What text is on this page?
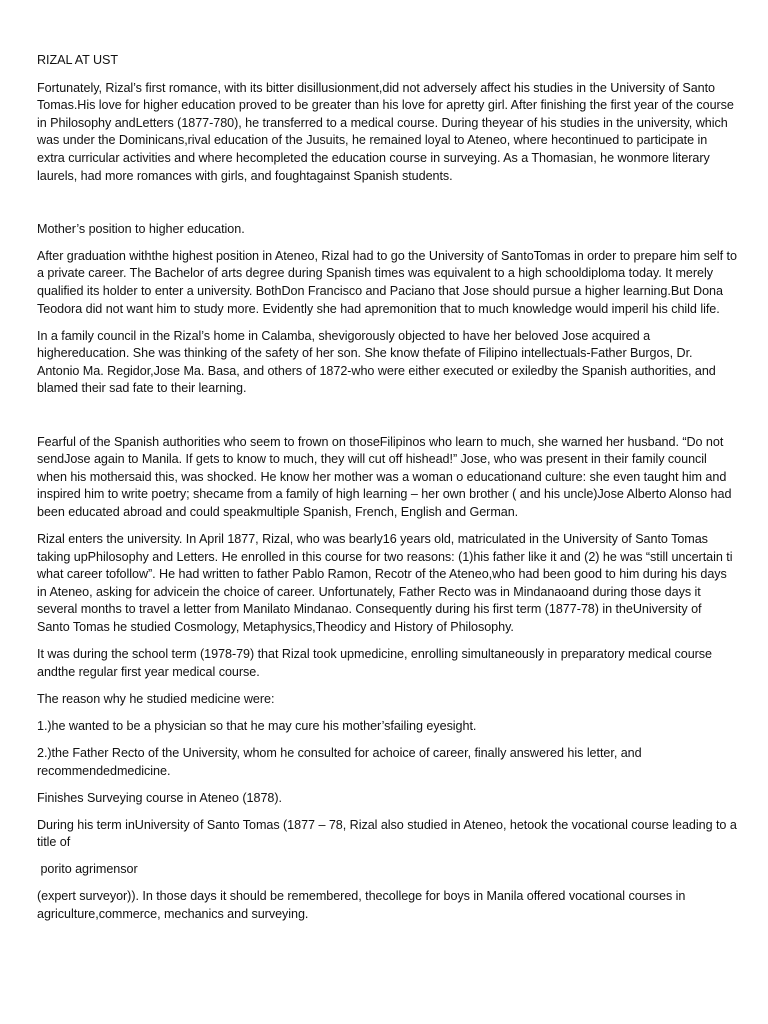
RIZAL AT UST

Fortunately, Rizal’s first romance, with its bitter disillusionment,did not adversely affect his studies in the University of Santo Tomas.His love for higher education proved to be greater than his love for apretty girl. After finishing the first year of the course in Philosophy andLetters (1877-780), he transferred to a medical course. During theyear of his studies in the university, which was under the Dominicans,rival education of the Jusuits, he remained loyal to Ateneo, where hecontinued to participate in extra curricular activities and where hecompleted the education course in surveying. As a Thomasian, he wonmore literary laurels, had more romances with girls, and foughtagainst Spanish students.

Mother’s position to higher education.

After graduation withthe highest position in Ateneo, Rizal had to go the University of SantoTomas in order to prepare him self to a private career. The Bachelor of arts degree during Spanish times was equivalent to a high schooldiploma today. It merely qualified its holder to enter a university. BothDon Francisco and Paciano that Jose should pursue a higher learning.But Dona Teodora did not want him to study more. Evidently she had apremonition that to much knowledge would imperil his child life.

In a family council in the Rizal’s home in Calamba, shevigorously objected to have her beloved Jose acquired a highereducation. She was thinking of the safety of her son. She know thefate of Filipino intellectuals-Father Burgos, Dr. Antonio Ma. Regidor,Jose Ma. Basa, and others of 1872-who were either executed or exiledby the Spanish authorities, and blamed their sad fate to their learning.

Fearful of the Spanish authorities who seem to frown on thoseFilipinos who learn to much, she warned her husband. “Do not sendJose again to Manila. If gets to know to much, they will cut off hishead!” Jose, who was present in their family council when his mothersaid this, was shocked. He know her mother was a woman o educationand culture: she even taught him and inspired him to write poetry; shecame from a family of high learning – her own brother ( and his uncle)Jose Alberto Alonso had been educated abroad and could speakmultiple Spanish, French, English and German.

Rizal enters the university. In April 1877, Rizal, who was bearly16 years old, matriculated in the University of Santo Tomas taking upPhilosophy and Letters. He enrolled in this course for two reasons: (1)his father like it and (2) he was “still uncertain ti what career tofollow”. He had written to father Pablo Ramon, Recotr of the Ateneo,who had been good to him during his days in Ateneo, asking for advicein the choice of career. Unfortunately, Father Recto was in Mindanaoand during those days it several months to travel a letter from Manilato Mindanao. Consequently during his first term (1877-78) in theUniversity of Santo Tomas he studied Cosmology, Metaphysics,Theodicy and History of Philosophy.

It was during the school term (1978-79) that Rizal took upmedicine, enrolling simultaneously in preparatory medical course andthe regular first year medical course.

The reason why he studied medicine were:

1.)he wanted to be a physician so that he may cure his mother’sfailing eyesight.

2.)the Father Recto of the University, whom he consulted for achoice of career, finally answered his letter, and recommendedmedicine.

Finishes Surveying course in Ateneo (1878).

During his term inUniversity of Santo Tomas (1877 – 78, Rizal also studied in Ateneo, hetook the vocational course leading to a title of

porito agrimensor

(expert surveyor)). In those days it should be remembered, thecollege for boys in Manila offered vocational courses in agriculture,commerce, mechanics and surveying.
